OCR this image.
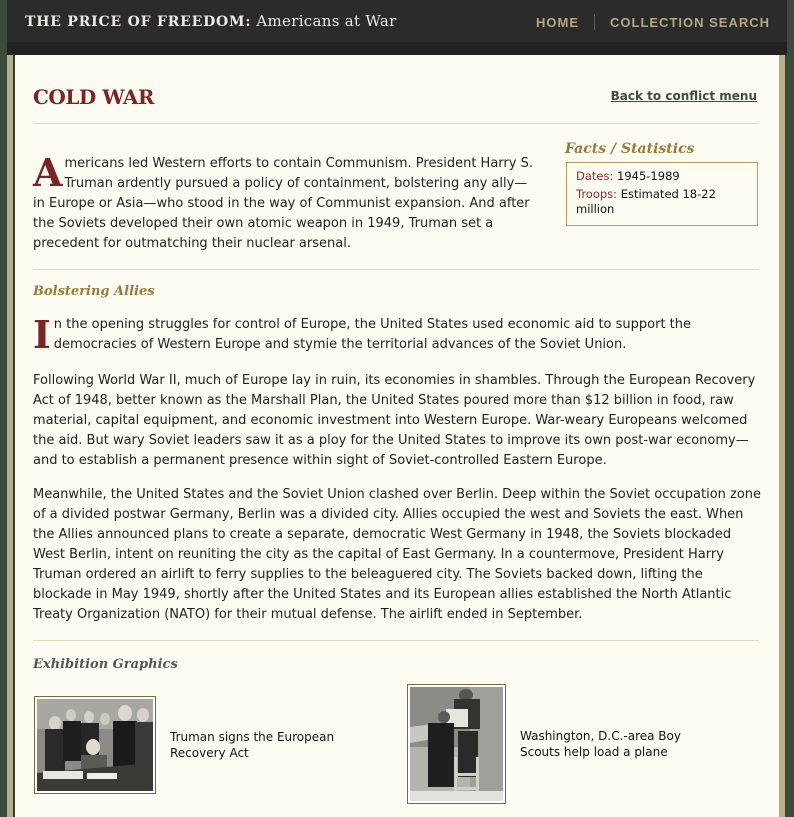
THE PRICE OF FREEDOM: Americans at War	HOME COLLECTION SEARCH
COLD WAR	Back to conflict menu
Americans led Western efforts to contain Communism. President Harry S. Truman ardently pursued a policy of containment, bolstering any ally—in Europe or Asia—who stood in the way of Communist expansion. And after the Soviets developed their own atomic weapon in 1949, Truman set a precedent for outmatching their nuclear arsenal.
Facts / Statistics
Dates: 1945-1989
Troops: Estimated 18-22 million
Bolstering Allies
In the opening struggles for control of Europe, the United States used economic aid to support the democracies of Western Europe and stymie the territorial advances of the Soviet Union.
Following World War II, much of Europe lay in ruin, its economies in shambles. Through the European Recovery Act of 1948, better known as the Marshall Plan, the United States poured more than $12 billion in food, raw material, capital equipment, and economic investment into Western Europe. War-weary Europeans welcomed the aid. But wary Soviet leaders saw it as a ploy for the United States to improve its own post-war economy—and to establish a permanent presence within sight of Soviet-controlled Eastern Europe.
Meanwhile, the United States and the Soviet Union clashed over Berlin. Deep within the Soviet occupation zone of a divided postwar Germany, Berlin was a divided city. Allies occupied the west and Soviets the east. When the Allies announced plans to create a separate, democratic West Germany in 1948, the Soviets blockaded West Berlin, intent on reuniting the city as the capital of East Germany. In a countermove, President Harry Truman ordered an airlift to ferry supplies to the beleaguered city. The Soviets backed down, lifting the blockade in May 1949, shortly after the United States and its European allies established the North Atlantic Treaty Organization (NATO) for their mutual defense. The airlift ended in September.
Exhibition Graphics
Truman signs the European Recovery Act
Washington, D.C.-area Boy Scouts help load a plane
